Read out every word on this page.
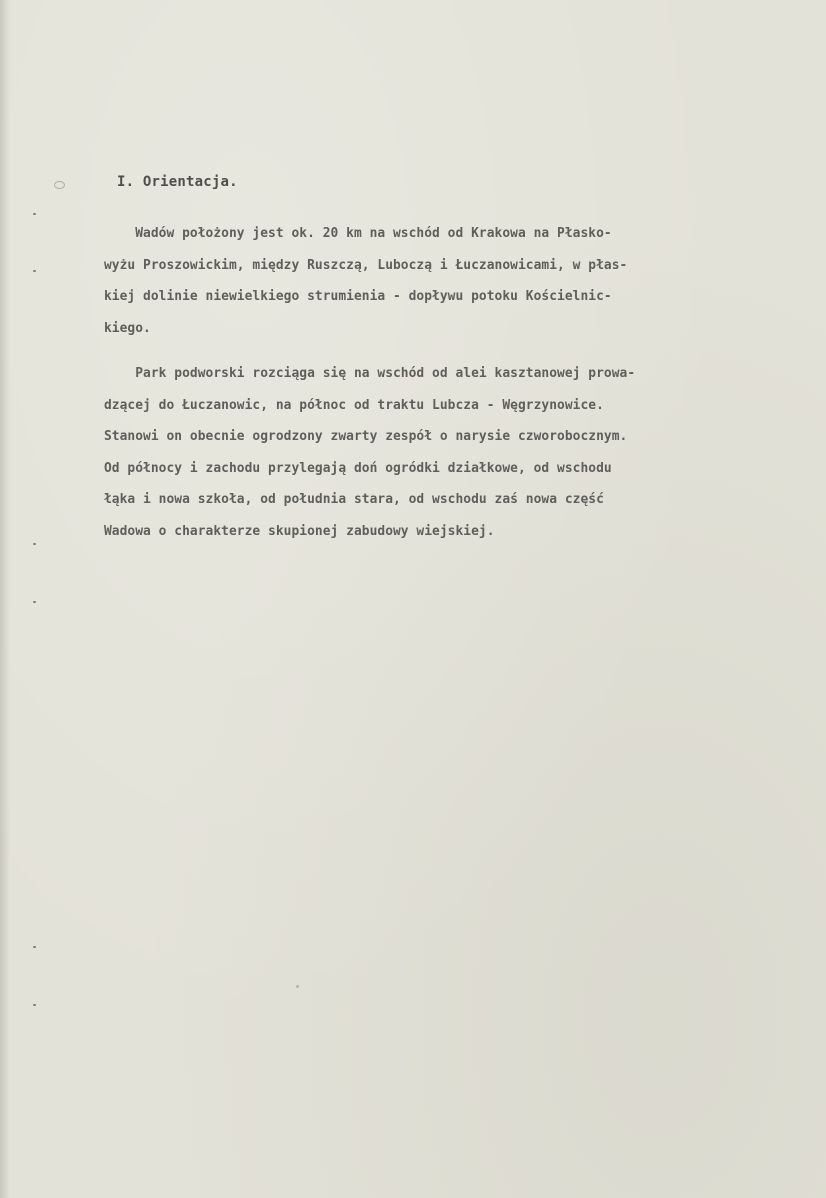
I. Orientacja.
Wadów położony jest ok. 20 km na wschód od Krakowa na Płasko-
wyżu Proszowickim, między Ruszczą, Luboczą i Łuczanowicami, w płas-
kiej dolinie niewielkiego strumienia - dopływu potoku Kościelnic-
kiego.
Park podworski rozciąga się na wschód od alei kasztanowej prowa-
dzącej do Łuczanowic, na północ od traktu Lubcza - Węgrzynowice.
Stanowi on obecnie ogrodzony zwarty zespół o narysie czworobocznym.
Od północy i zachodu przylegają doń ogródki działkowe, od wschodu
łąka i nowa szkoła, od południa stara, od wschodu zaś nowa część
Wadowa o charakterze skupionej zabudowy wiejskiej.
